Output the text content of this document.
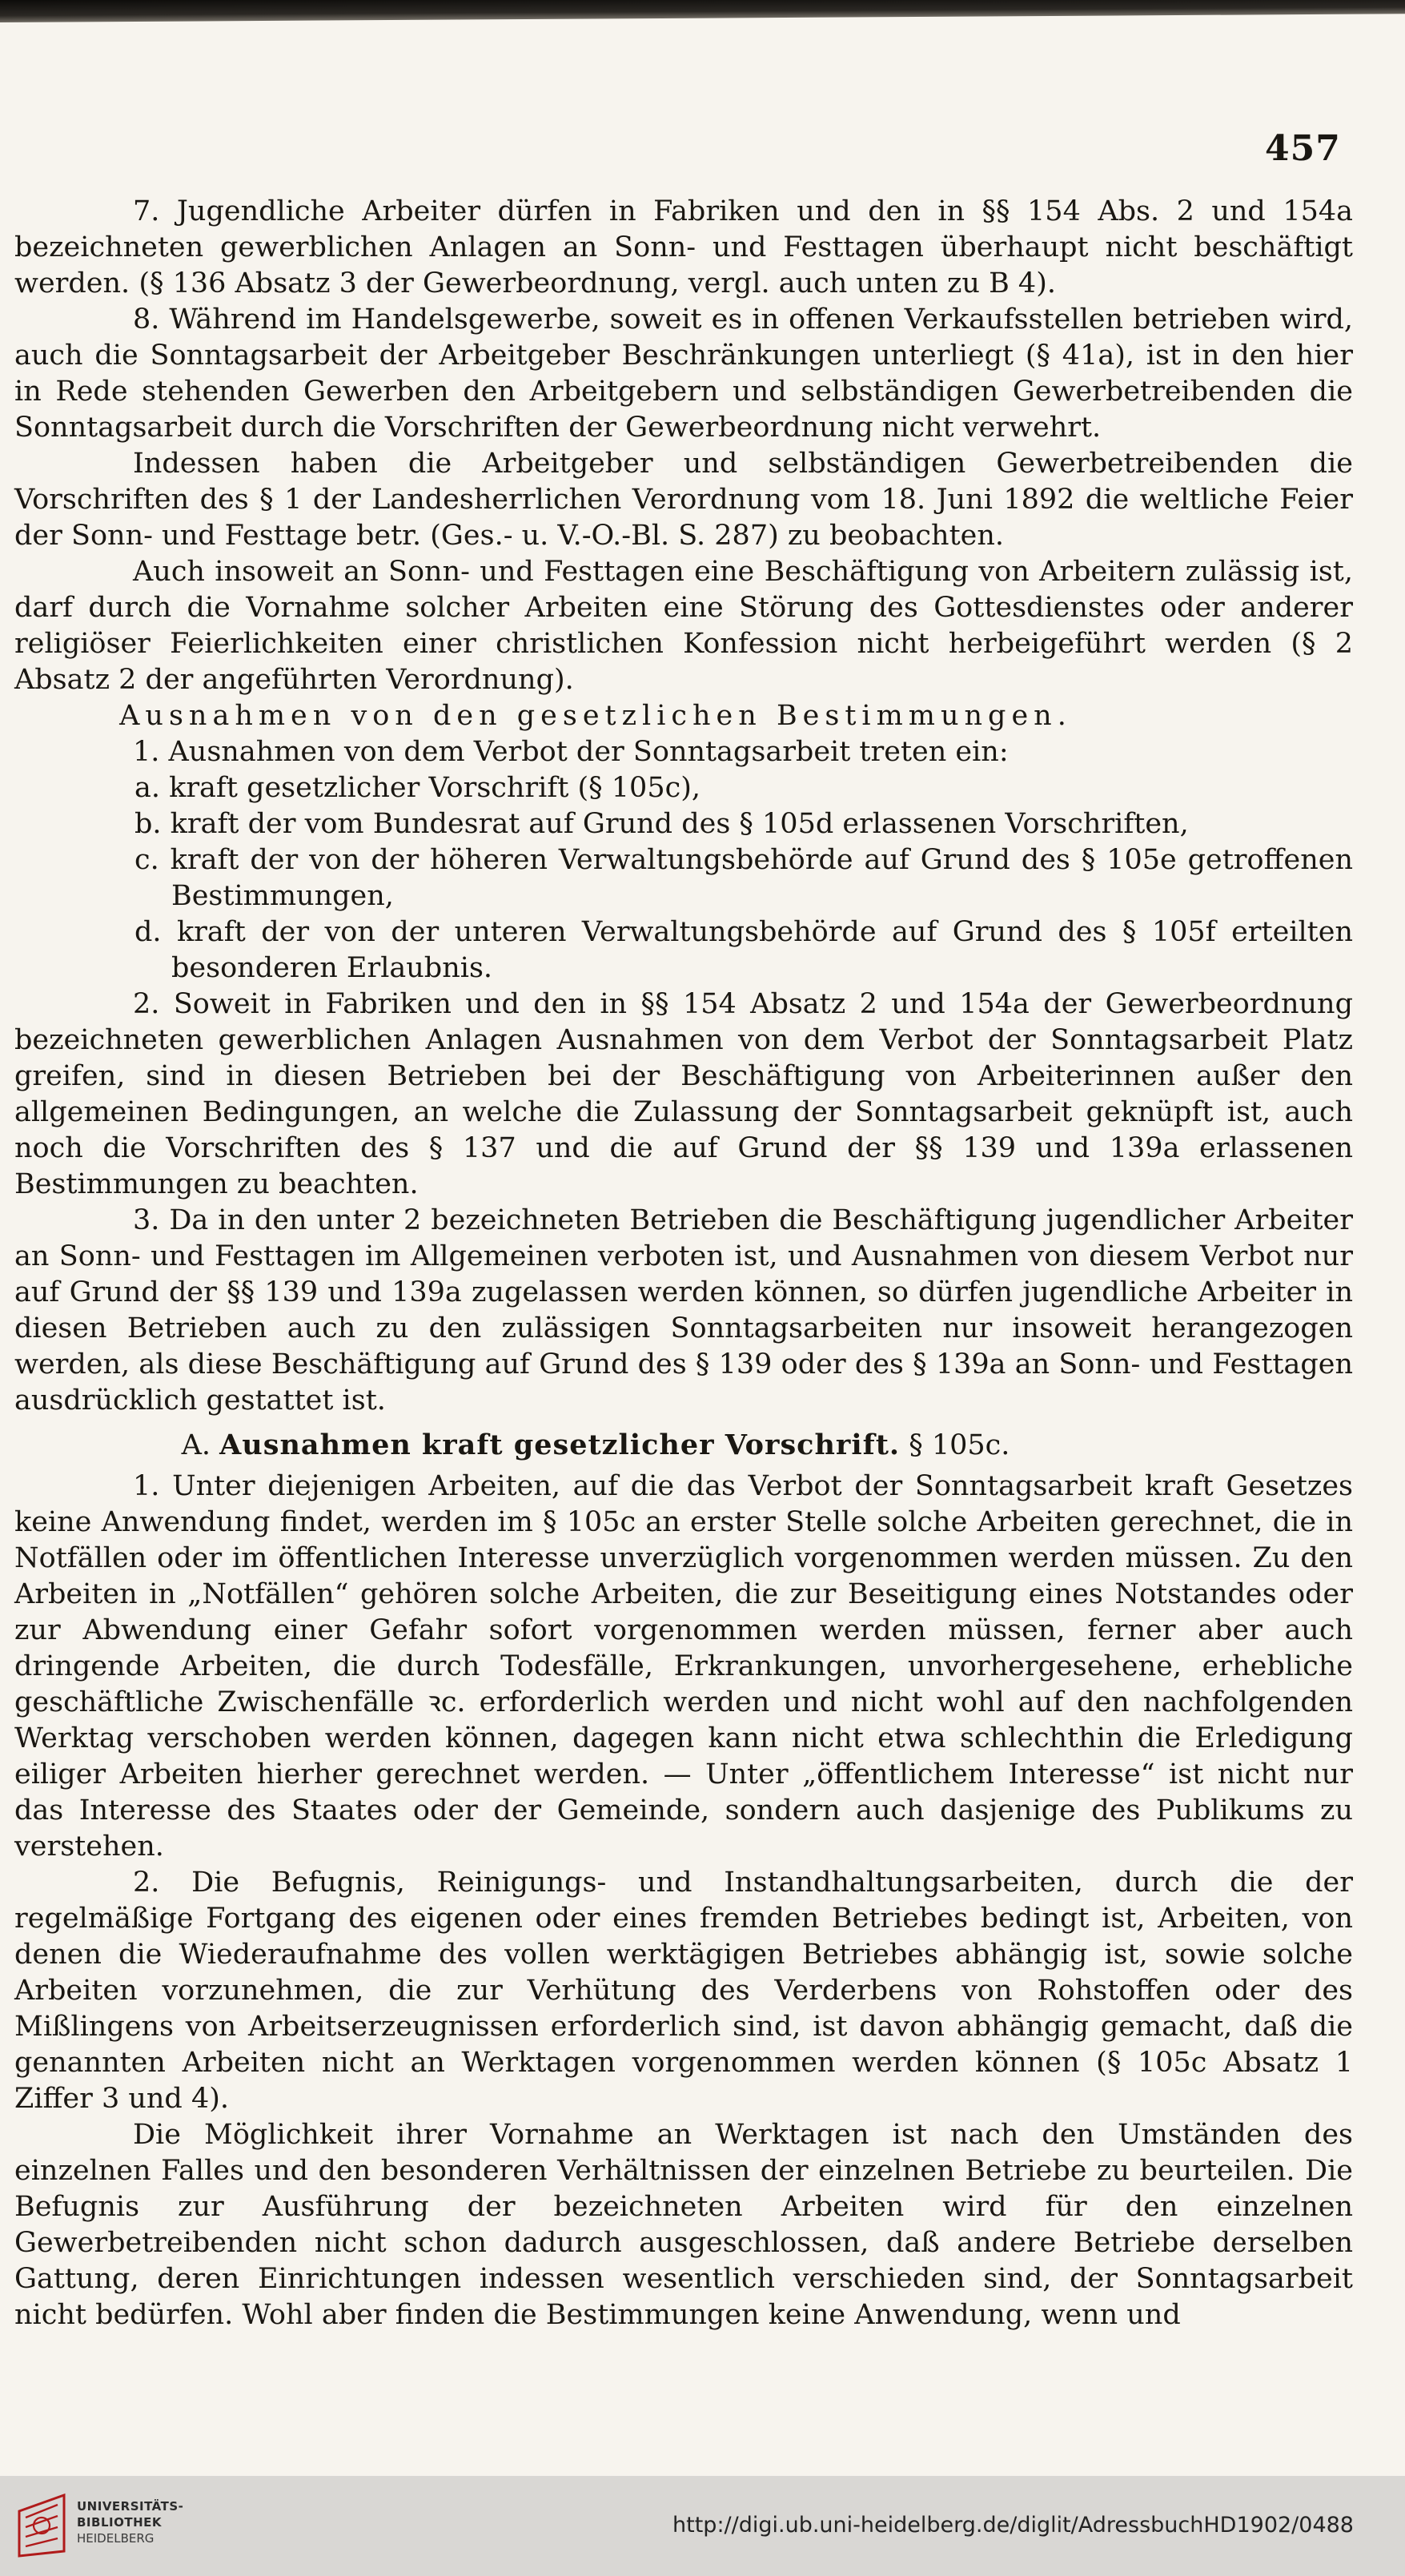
457

7. Jugendliche Arbeiter dürfen in Fabriken und den in §§ 154 Abs. 2 und 154a bezeichneten gewerblichen Anlagen an Sonn- und Festtagen überhaupt nicht beschäftigt werden. (§ 136 Absatz 3 der Gewerbeordnung, vergl. auch unten zu B 4).

8. Während im Handelsgewerbe, soweit es in offenen Verkaufsstellen betrieben wird, auch die Sonntagsarbeit der Arbeitgeber Beschränkungen unterliegt (§ 41a), ist in den hier in Rede stehenden Gewerben den Arbeitgebern und selbständigen Gewerbetreibenden die Sonntagsarbeit durch die Vorschriften der Gewerbeordnung nicht verwehrt.

Indessen haben die Arbeitgeber und selbständigen Gewerbetreibenden die Vorschriften des § 1 der Landesherrlichen Verordnung vom 18. Juni 1892 die weltliche Feier der Sonn- und Festtage betr. (Ges.- u. V.-O.-Bl. S. 287) zu beobachten.

Auch insoweit an Sonn- und Festtagen eine Beschäftigung von Arbeitern zulässig ist, darf durch die Vornahme solcher Arbeiten eine Störung des Gottesdienstes oder anderer religiöser Feierlichkeiten einer christlichen Konfession nicht herbeigeführt werden (§ 2 Absatz 2 der angeführten Verordnung).

Ausnahmen von den gesetzlichen Bestimmungen.

1. Ausnahmen von dem Verbot der Sonntagsarbeit treten ein:

a. kraft gesetzlicher Vorschrift (§ 105c),

b. kraft der vom Bundesrat auf Grund des § 105d erlassenen Vorschriften,

c. kraft der von der höheren Verwaltungsbehörde auf Grund des § 105e getroffenen Bestimmungen,

d. kraft der von der unteren Verwaltungsbehörde auf Grund des § 105f erteilten besonderen Erlaubnis.

2. Soweit in Fabriken und den in §§ 154 Absatz 2 und 154a der Gewerbeordnung bezeichneten gewerblichen Anlagen Ausnahmen von dem Verbot der Sonntagsarbeit Platz greifen, sind in diesen Betrieben bei der Beschäftigung von Arbeiterinnen außer den allgemeinen Bedingungen, an welche die Zulassung der Sonntagsarbeit geknüpft ist, auch noch die Vorschriften des § 137 und die auf Grund der §§ 139 und 139a erlassenen Bestimmungen zu beachten.

3. Da in den unter 2 bezeichneten Betrieben die Beschäftigung jugendlicher Arbeiter an Sonn- und Festtagen im Allgemeinen verboten ist, und Ausnahmen von diesem Verbot nur auf Grund der §§ 139 und 139a zugelassen werden können, so dürfen jugendliche Arbeiter in diesen Betrieben auch zu den zulässigen Sonntagsarbeiten nur insoweit herangezogen werden, als diese Beschäftigung auf Grund des § 139 oder des § 139a an Sonn- und Festtagen ausdrücklich gestattet ist.

A. Ausnahmen kraft gesetzlicher Vorschrift. § 105c.

1. Unter diejenigen Arbeiten, auf die das Verbot der Sonntagsarbeit kraft Gesetzes keine Anwendung findet, werden im § 105c an erster Stelle solche Arbeiten gerechnet, die in Notfällen oder im öffentlichen Interesse unverzüglich vorgenommen werden müssen. Zu den Arbeiten in „Notfällen“ gehören solche Arbeiten, die zur Beseitigung eines Notstandes oder zur Abwendung einer Gefahr sofort vorgenommen werden müssen, ferner aber auch dringende Arbeiten, die durch Todesfälle, Erkrankungen, unvorhergesehene, erhebliche geschäftliche Zwischenfälle ꝛc. erforderlich werden und nicht wohl auf den nachfolgenden Werktag verschoben werden können, dagegen kann nicht etwa schlechthin die Erledigung eiliger Arbeiten hierher gerechnet werden. — Unter „öffentlichem Interesse“ ist nicht nur das Interesse des Staates oder der Gemeinde, sondern auch dasjenige des Publikums zu verstehen.

2. Die Befugnis, Reinigungs- und Instandhaltungsarbeiten, durch die der regelmäßige Fortgang des eigenen oder eines fremden Betriebes bedingt ist, Arbeiten, von denen die Wiederaufnahme des vollen werktägigen Betriebes abhängig ist, sowie solche Arbeiten vorzunehmen, die zur Verhütung des Verderbens von Rohstoffen oder des Mißlingens von Arbeitserzeugnissen erforderlich sind, ist davon abhängig gemacht, daß die genannten Arbeiten nicht an Werktagen vorgenommen werden können (§ 105c Absatz 1 Ziffer 3 und 4).

Die Möglichkeit ihrer Vornahme an Werktagen ist nach den Umständen des einzelnen Falles und den besonderen Verhältnissen der einzelnen Betriebe zu beurteilen. Die Befugnis zur Ausführung der bezeichneten Arbeiten wird für den einzelnen Gewerbetreibenden nicht schon dadurch ausgeschlossen, daß andere Betriebe derselben Gattung, deren Einrichtungen indessen wesentlich verschieden sind, der Sonntagsarbeit nicht bedürfen. Wohl aber finden die Bestimmungen keine Anwendung, wenn und

UNIVERSITÄTS-
BIBLIOTHEK
HEIDELBERG
http://digi.ub.uni-heidelberg.de/diglit/AdressbuchHD1902/0488
